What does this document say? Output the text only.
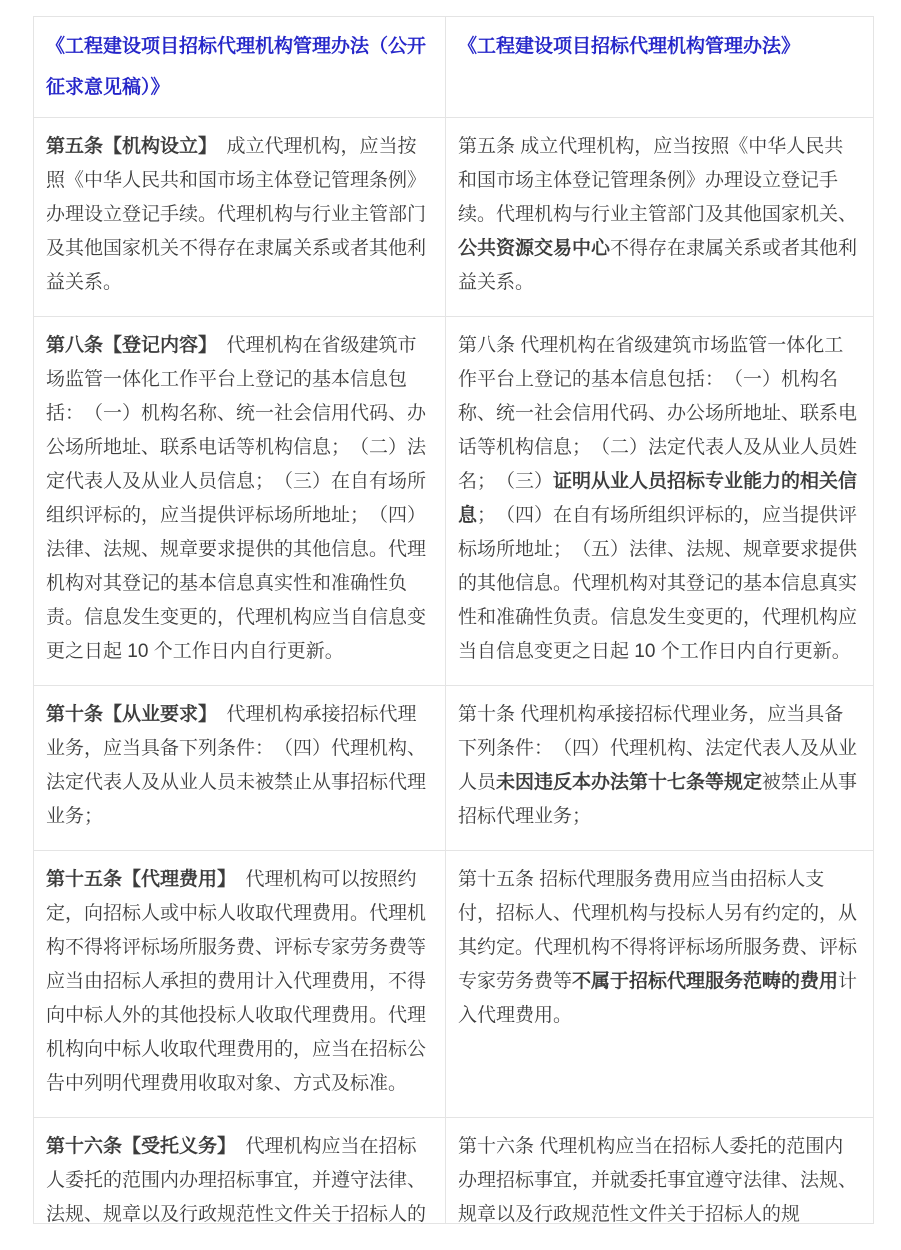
《工程建设项目招标代理机构管理办法（公开征求意见稿）》	《工程建设项目招标代理机构管理办法》
第五条【机构设立】　成立代理机构，应当按照《中华人民共和国市场主体登记管理条例》办理设立登记手续。代理机构与行业主管部门及其他国家机关不得存在隶属关系或者其他利益关系。	第五条 成立代理机构，应当按照《中华人民共和国市场主体登记管理条例》办理设立登记手续。代理机构与行业主管部门及其他国家机关、公共资源交易中心不得存在隶属关系或者其他利益关系。
第八条【登记内容】　代理机构在省级建筑市场监管一体化工作平台上登记的基本信息包括：　（一）机构名称、统一社会信用代码、办公场所地址、联系电话等机构信息；　（二）法定代表人及从业人员信息；　（三）在自有场所组织评标的，应当提供评标场所地址；　（四）法律、法规、规章要求提供的其他信息。代理机构对其登记的基本信息真实性和准确性负责。信息发生变更的，代理机构应当自信息变更之日起 10 个工作日内自行更新。	第八条 代理机构在省级建筑市场监管一体化工作平台上登记的基本信息包括：　（一）机构名称、统一社会信用代码、办公场所地址、联系电话等机构信息；　（二）法定代表人及从业人员姓名；　（三）证明从业人员招标专业能力的相关信息；　（四）在自有场所组织评标的，应当提供评标场所地址；　（五）法律、法规、规章要求提供的其他信息。代理机构对其登记的基本信息真实性和准确性负责。信息发生变更的，代理机构应当自信息变更之日起 10 个工作日内自行更新。
第十条【从业要求】　代理机构承接招标代理业务，应当具备下列条件：　（四）代理机构、法定代表人及从业人员未被禁止从事招标代理业务；	第十条 代理机构承接招标代理业务，应当具备下列条件：　（四）代理机构、法定代表人及从业人员未因违反本办法第十七条等规定被禁止从事招标代理业务；
第十五条【代理费用】　代理机构可以按照约定，向招标人或中标人收取代理费用。代理机构不得将评标场所服务费、评标专家劳务费等应当由招标人承担的费用计入代理费用，不得向中标人外的其他投标人收取代理费用。代理机构向中标人收取代理费用的，应当在招标公告中列明代理费用收取对象、方式及标准。	第十五条 招标代理服务费用应当由招标人支付，招标人、代理机构与投标人另有约定的，从其约定。代理机构不得将评标场所服务费、评标专家劳务费等不属于招标代理服务范畴的费用计入代理费用。
第十六条【受托义务】　代理机构应当在招标人委托的范围内办理招标事宜，并遵守法律、法规、规章以及行政规范性文件关于招标人的	第十六条 代理机构应当在招标人委托的范围内办理招标事宜，并就委托事宜遵守法律、法规、规章以及行政规范性文件关于招标人的规
